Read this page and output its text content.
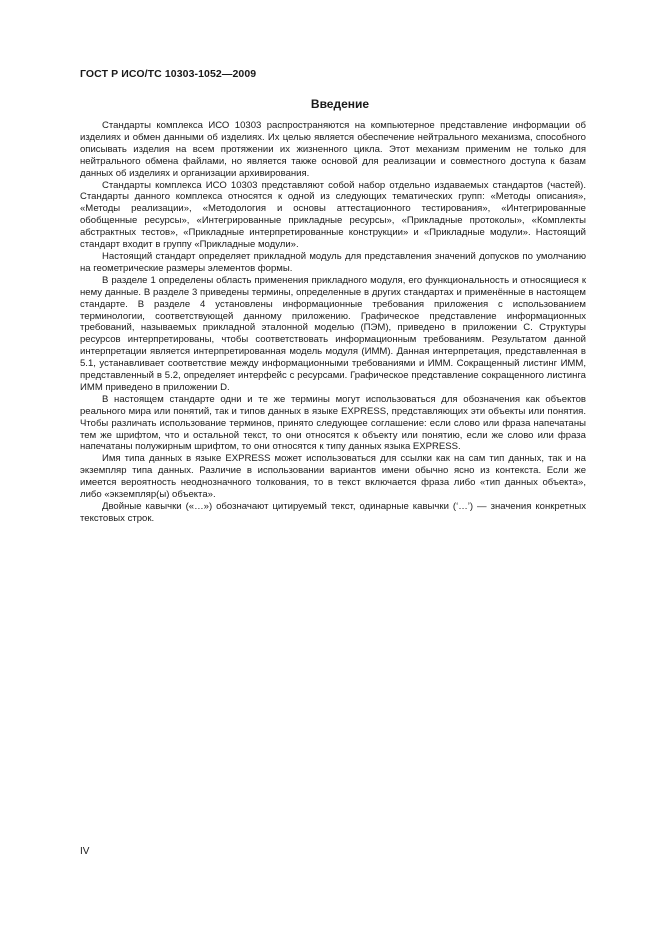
ГОСТ Р ИСО/ТС 10303-1052—2009
Введение

Стандарты комплекса ИСО 10303 распространяются на компьютерное представление информации об изделиях и обмен данными об изделиях. Их целью является обеспечение нейтрального механизма, способного описывать изделия на всем протяжении их жизненного цикла. Этот механизм применим не только для нейтрального обмена файлами, но является также основой для реализации и совместного доступа к базам данных об изделиях и организации архивирования.

Стандарты комплекса ИСО 10303 представляют собой набор отдельно издаваемых стандартов (частей). Стандарты данного комплекса относятся к одной из следующих тематических групп: «Методы описания», «Методы реализации», «Методология и основы аттестационного тестирования», «Интегрированные обобщенные ресурсы», «Интегрированные прикладные ресурсы», «Прикладные протоколы», «Комплекты абстрактных тестов», «Прикладные интерпретированные конструкции» и «Прикладные модули». Настоящий стандарт входит в группу «Прикладные модули».

Настоящий стандарт определяет прикладной модуль для представления значений допусков по умолчанию на геометрические размеры элементов формы.

В разделе 1 определены область применения прикладного модуля, его функциональность и относящиеся к нему данные. В разделе 3 приведены термины, определенные в других стандартах и применённые в настоящем стандарте. В разделе 4 установлены информационные требования приложения с использованием терминологии, соответствующей данному приложению. Графическое представление информационных требований, называемых прикладной эталонной моделью (ПЭМ), приведено в приложении С. Структуры ресурсов интерпретированы, чтобы соответствовать информационным требованиям. Результатом данной интерпретации является интерпретированная модель модуля (ИММ). Данная интерпретация, представленная в 5.1, устанавливает соответствие между информационными требованиями и ИММ. Сокращенный листинг ИММ, представленный в 5.2, определяет интерфейс с ресурсами. Графическое представление сокращенного листинга ИММ приведено в приложении D.

В настоящем стандарте одни и те же термины могут использоваться для обозначения как объектов реального мира или понятий, так и типов данных в языке EXPRESS, представляющих эти объекты или понятия. Чтобы различать использование терминов, принято следующее соглашение: если слово или фраза напечатаны тем же шрифтом, что и остальной текст, то они относятся к объекту или понятию, если же слово или фраза напечатаны полужирным шрифтом, то они относятся к типу данных языка EXPRESS.

Имя типа данных в языке EXPRESS может использоваться для ссылки как на сам тип данных, так и на экземпляр типа данных. Различие в использовании вариантов имени обычно ясно из контекста. Если же имеется вероятность неоднозначного толкования, то в текст включается фраза либо «тип данных объекта», либо «экземпляр(ы) объекта».

Двойные кавычки («…») обозначают цитируемый текст, одинарные кавычки (‘…’) — значения конкретных текстовых строк.

IV
